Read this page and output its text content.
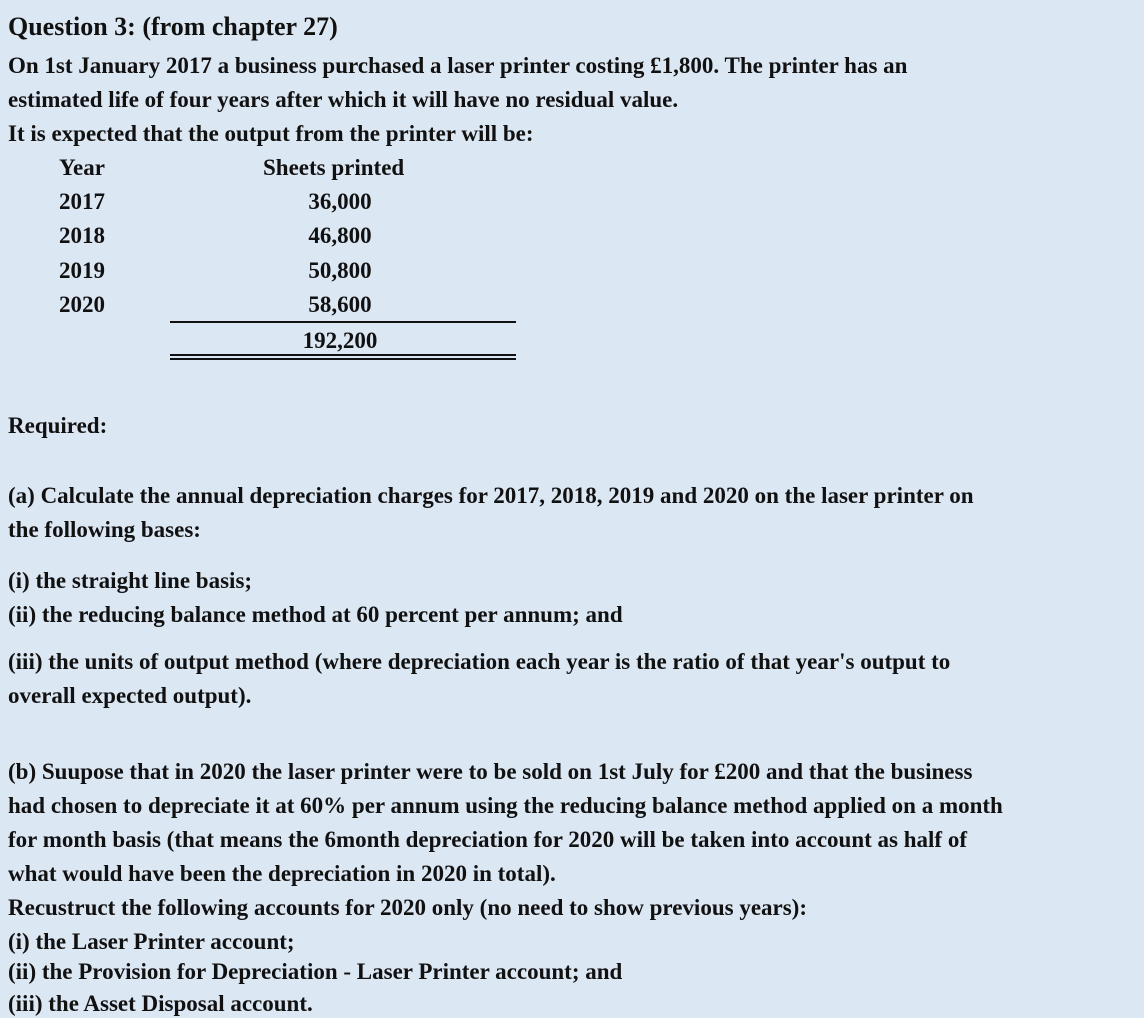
Question 3: (from chapter 27)
On 1st January 2017 a business purchased a laser printer costing £1,800. The printer has an
estimated life of four years after which it will have no residual value.
It is expected that the output from the printer will be:
Year	Sheets printed
2017	36,000
2018	46,800
2019	50,800
2020	58,600
192,200
Required:
(a) Calculate the annual depreciation charges for 2017, 2018, 2019 and 2020 on the laser printer on
the following bases:
(i) the straight line basis;
(ii) the reducing balance method at 60 percent per annum; and
(iii) the units of output method (where depreciation each year is the ratio of that year's output to
overall expected output).
(b) Suupose that in 2020 the laser printer were to be sold on 1st July for £200 and that the business
had chosen to depreciate it at 60% per annum using the reducing balance method applied on a month
for month basis (that means the 6month depreciation for 2020 will be taken into account as half of
what would have been the depreciation in 2020 in total).
Recustruct the following accounts for 2020 only (no need to show previous years):
(i) the Laser Printer account;
(ii) the Provision for Depreciation - Laser Printer account; and
(iii) the Asset Disposal account.
